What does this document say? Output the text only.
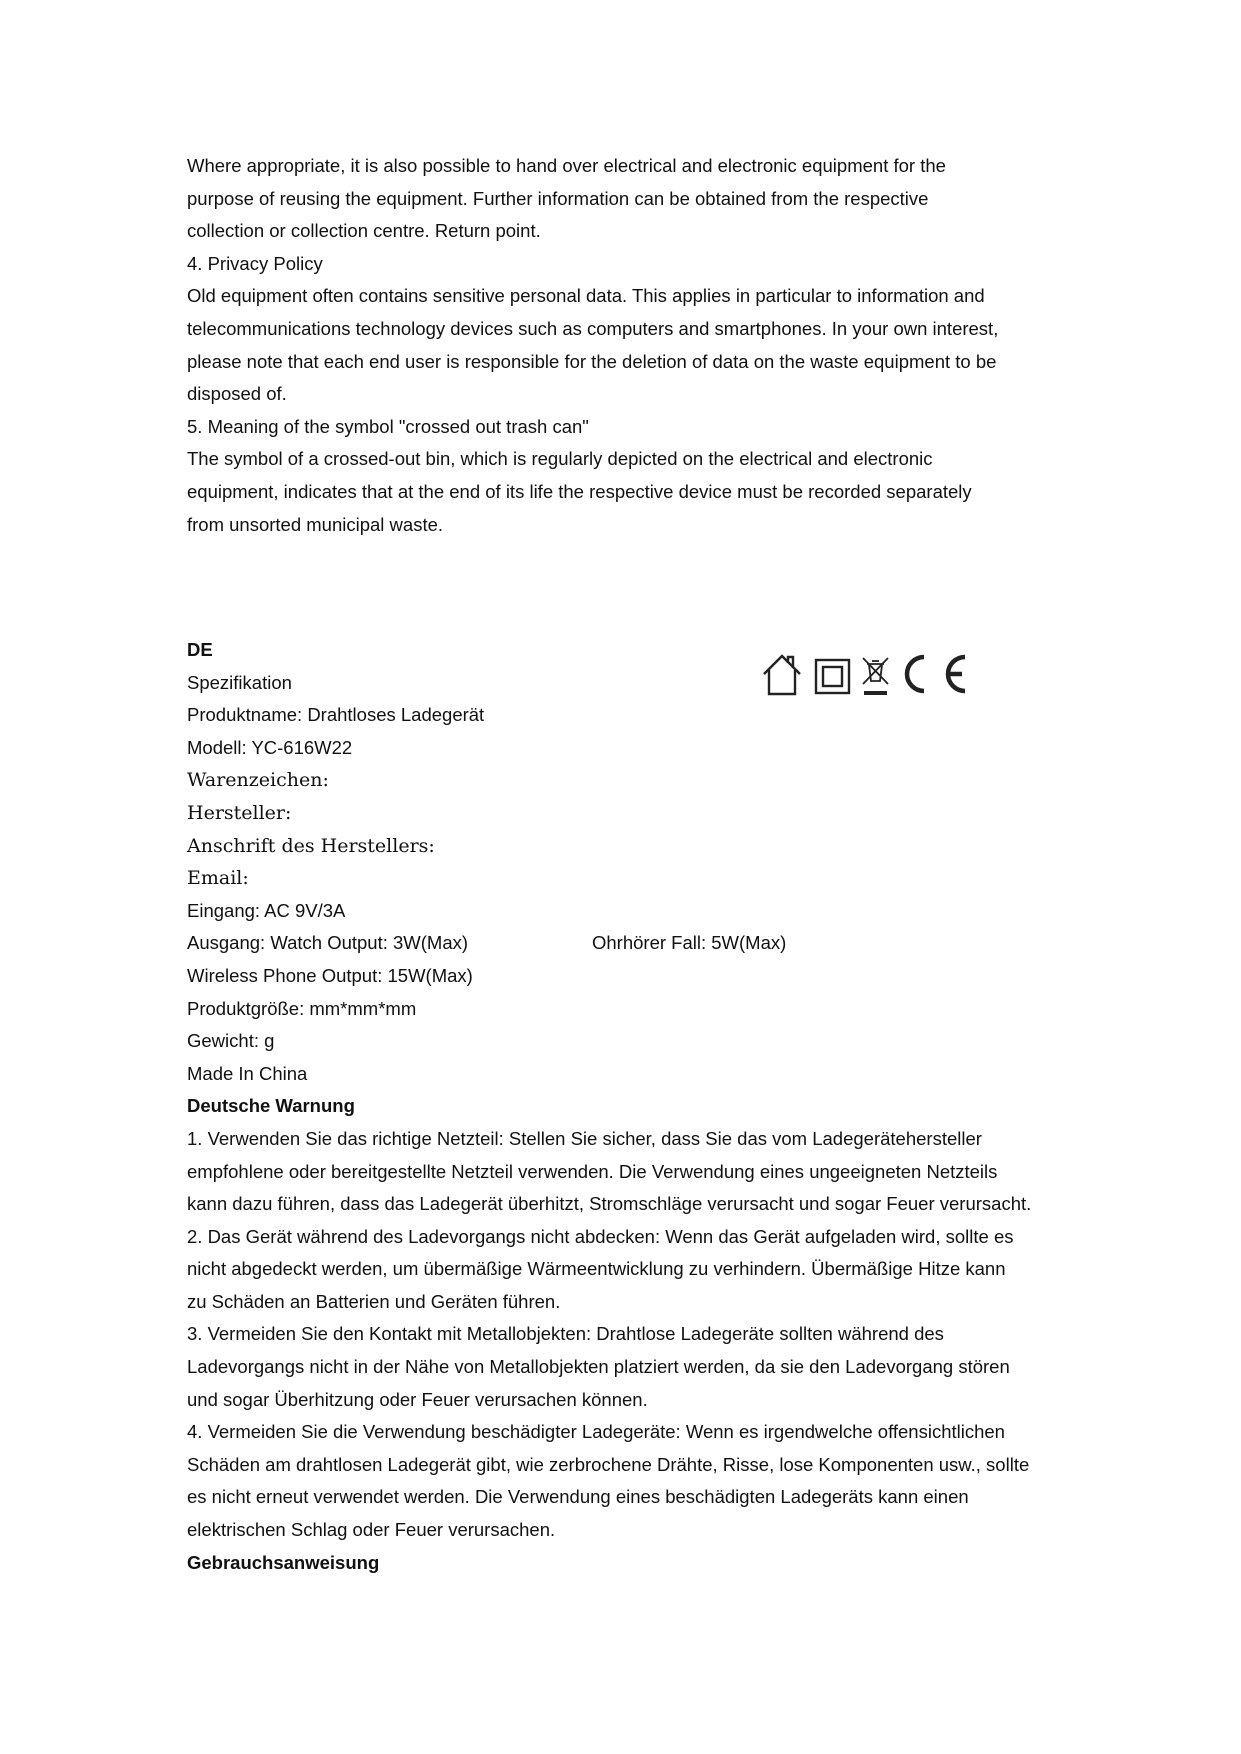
Where appropriate, it is also possible to hand over electrical and electronic equipment for the

purpose of reusing the equipment. Further information can be obtained from the respective

collection or collection centre. Return point.

4. Privacy Policy

Old equipment often contains sensitive personal data. This applies in particular to information and

telecommunications technology devices such as computers and smartphones. In your own interest,

please note that each end user is responsible for the deletion of data on the waste equipment to be

disposed of.

5. Meaning of the symbol "crossed out trash can"

The symbol of a crossed-out bin, which is regularly depicted on the electrical and electronic

equipment, indicates that at the end of its life the respective device must be recorded separately

from unsorted municipal waste.

DE

Spezifikation

Produktname: Drahtloses Ladegerät

Modell: YC-616W22

Warenzeichen:

Hersteller:

Anschrift des Herstellers:

Email:

Eingang: AC 9V/3A

Ausgang: Watch Output: 3W(Max)	Ohrhörer Fall: 5W(Max)

Wireless Phone Output: 15W(Max)

Produktgröße: mm*mm*mm

Gewicht: g

Made In China

Deutsche Warnung

1. Verwenden Sie das richtige Netzteil: Stellen Sie sicher, dass Sie das vom Ladegerätehersteller

empfohlene oder bereitgestellte Netzteil verwenden. Die Verwendung eines ungeeigneten Netzteils

kann dazu führen, dass das Ladegerät überhitzt, Stromschläge verursacht und sogar Feuer verursacht.

2. Das Gerät während des Ladevorgangs nicht abdecken: Wenn das Gerät aufgeladen wird, sollte es

nicht abgedeckt werden, um übermäßige Wärmeentwicklung zu verhindern. Übermäßige Hitze kann

zu Schäden an Batterien und Geräten führen.

3. Vermeiden Sie den Kontakt mit Metallobjekten: Drahtlose Ladegeräte sollten während des

Ladevorgangs nicht in der Nähe von Metallobjekten platziert werden, da sie den Ladevorgang stören

und sogar Überhitzung oder Feuer verursachen können.

4. Vermeiden Sie die Verwendung beschädigter Ladegeräte: Wenn es irgendwelche offensichtlichen

Schäden am drahtlosen Ladegerät gibt, wie zerbrochene Drähte, Risse, lose Komponenten usw., sollte

es nicht erneut verwendet werden. Die Verwendung eines beschädigten Ladegeräts kann einen

elektrischen Schlag oder Feuer verursachen.

Gebrauchsanweisung
